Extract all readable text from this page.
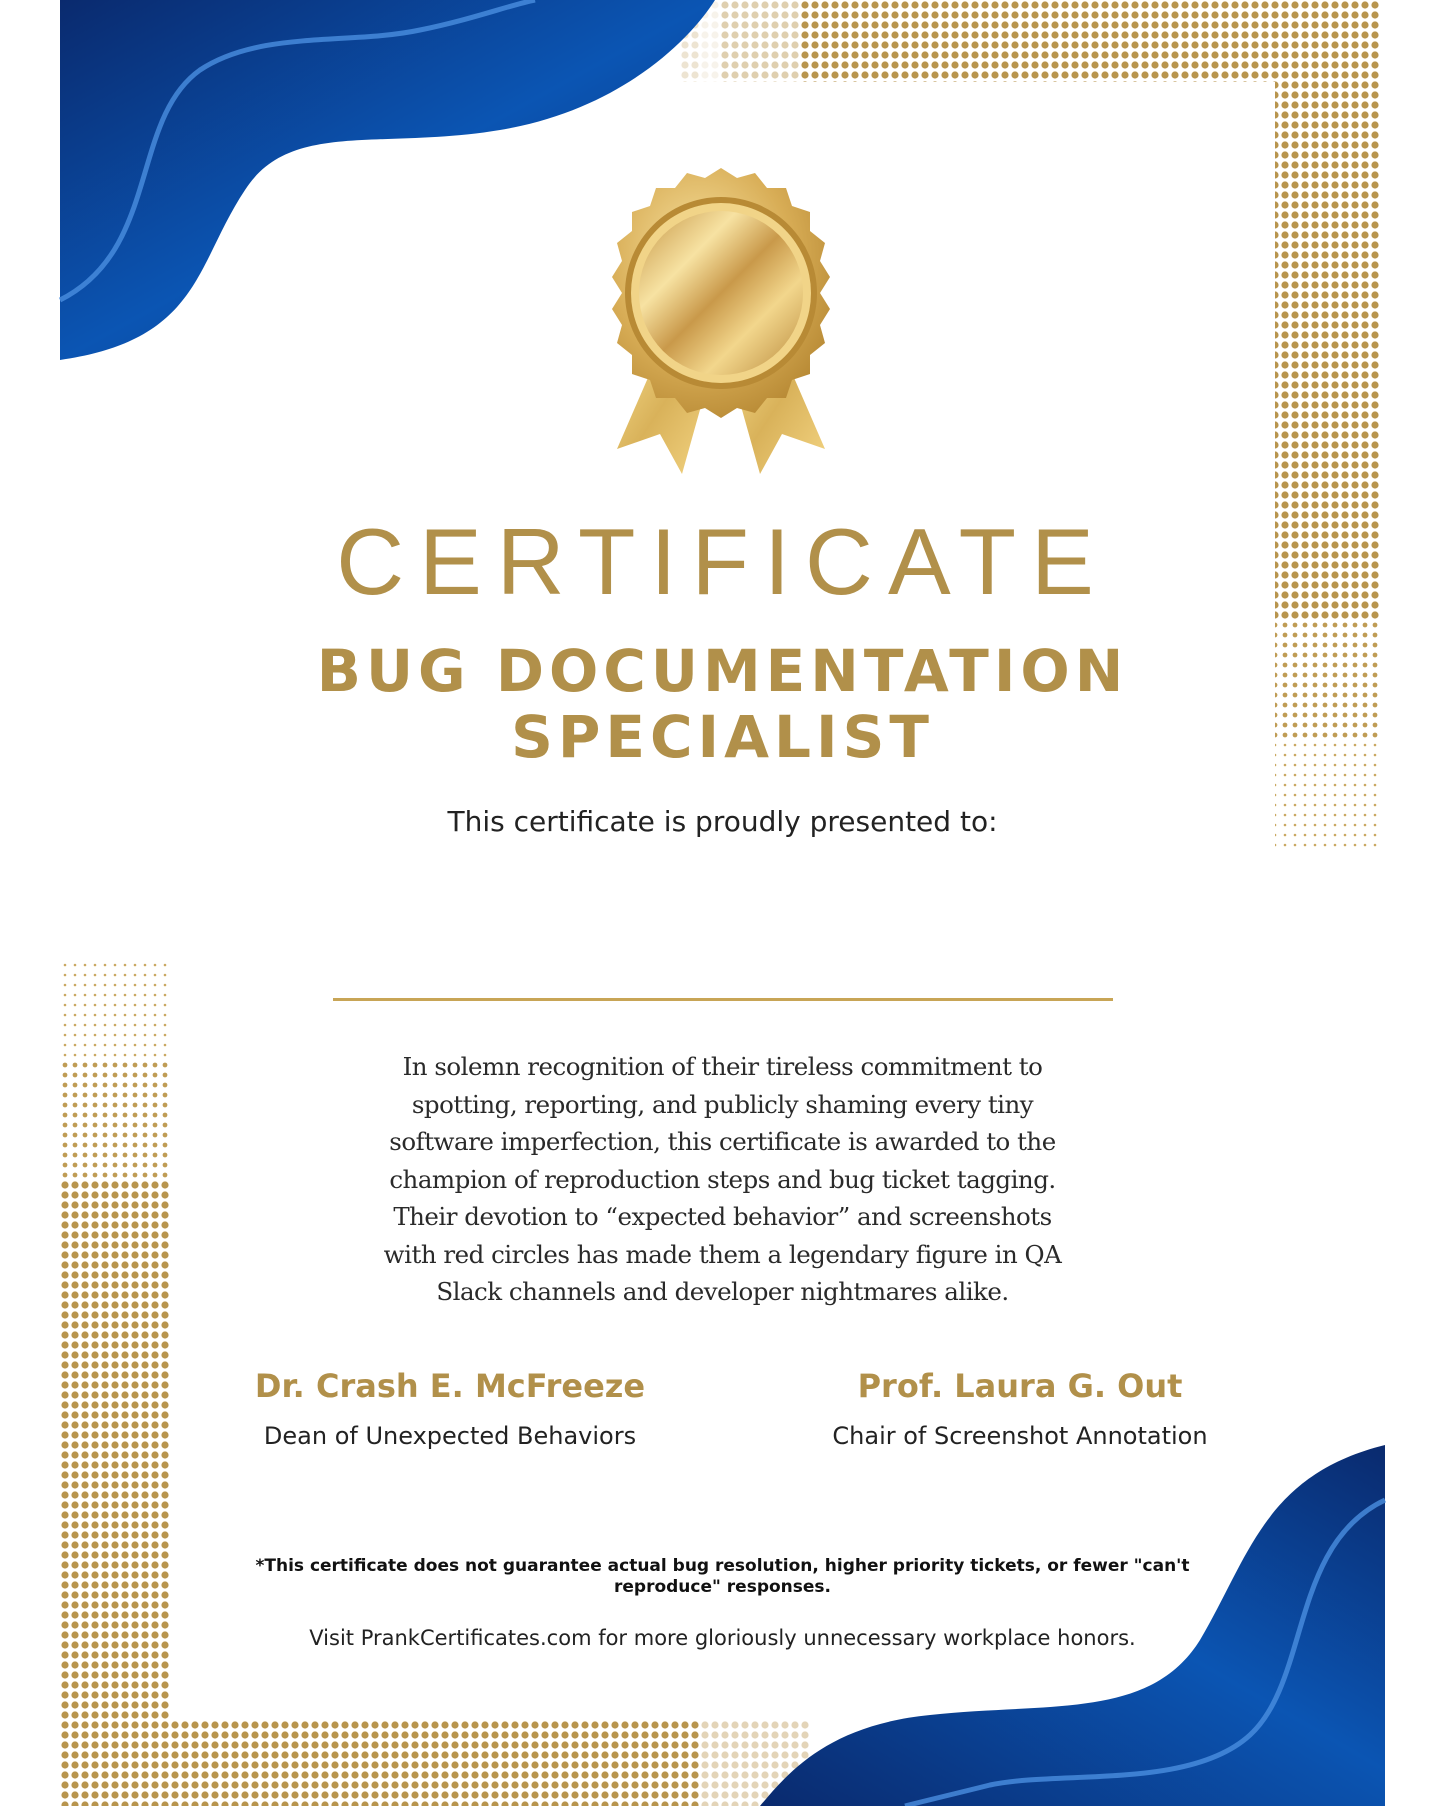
CERTIFICATE
BUG DOCUMENTATION
SPECIALIST
This certificate is proudly presented to:
In solemn recognition of their tireless commitment to
spotting, reporting, and publicly shaming every tiny
software imperfection, this certificate is awarded to the
champion of reproduction steps and bug ticket tagging.
Their devotion to “expected behavior” and screenshots
with red circles has made them a legendary figure in QA
Slack channels and developer nightmares alike.
Dr. Crash E. McFreeze
Dean of Unexpected Behaviors
Prof. Laura G. Out
Chair of Screenshot Annotation
*This certificate does not guarantee actual bug resolution, higher priority tickets, or fewer "can't
reproduce" responses.
Visit PrankCertificates.com for more gloriously unnecessary workplace honors.
